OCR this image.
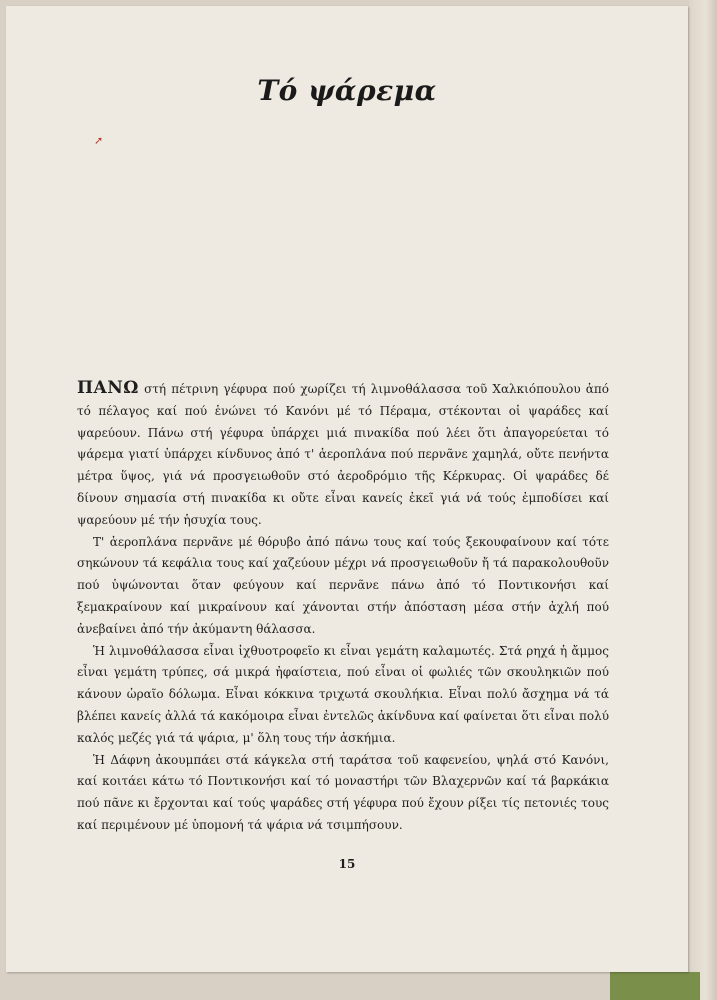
Τό ψάρεμα
➚

ΠΑΝΩ στή πέτρινη γέφυρα πού χωρίζει τή λιμνοθάλασσα τοῦ Χαλκιόπουλου ἀπό τό πέλαγος καί πού ἑνώνει τό Κανόνι μέ τό Πέραμα, στέκονται οἱ ψαράδες καί ψαρεύουν. Πάνω στή γέφυρα ὑπάρχει μιά πινακίδα πού λέει ὅτι ἀπαγορεύεται τό ψάρεμα γιατί ὑπάρχει κίνδυνος ἀπό τ' ἀεροπλάνα πού περνᾶνε χαμηλά, οὔτε πενήντα μέτρα ὕψος, γιά νά προσγειωθοῦν στό ἀεροδρόμιο τῆς Κέρκυρας. Οἱ ψαράδες δέ δίνουν σημασία στή πινακίδα κι οὔτε εἶναι κανείς ἐκεῖ γιά νά τούς ἐμποδίσει καί ψαρεύουν μέ τήν ἡσυχία τους.

Τ' ἀεροπλάνα περνᾶνε μέ θόρυβο ἀπό πάνω τους καί τούς ξεκουφαίνουν καί τότε σηκώνουν τά κεφάλια τους καί χαζεύουν μέχρι νά προσγειωθοῦν ἤ τά παρακολουθοῦν πού ὑψώνονται ὅταν φεύγουν καί περνᾶνε πάνω ἀπό τό Ποντικονήσι καί ξεμακραίνουν καί μικραίνουν καί χάνονται στήν ἀπόσταση μέσα στήν ἀχλή πού ἀνεβαίνει ἀπό τήν ἀκύμαντη θάλασσα.

Ἡ λιμνοθάλασσα εἶναι ἰχθυοτροφεῖο κι εἶναι γεμάτη καλαμωτές. Στά ρηχά ἡ ἄμμος εἶναι γεμάτη τρύπες, σά μικρά ἠφαίστεια, πού εἶναι οἱ φωλιές τῶν σκουληκιῶν πού κάνουν ὡραῖο δόλωμα. Εἶναι κόκκινα τριχωτά σκουλήκια. Εἶναι πολύ ἄσχημα νά τά βλέπει κανείς ἀλλά τά κακόμοιρα εἶναι ἐντελῶς ἀκίνδυνα καί φαίνεται ὅτι εἶναι πολύ καλός μεζές γιά τά ψάρια, μ' ὅλη τους τήν ἀσκήμια.

Ἡ Δάφνη ἀκουμπάει στά κάγκελα στή ταράτσα τοῦ καφενείου, ψηλά στό Κανόνι, καί κοιτάει κάτω τό Ποντικονήσι καί τό μοναστήρι τῶν Βλαχερνῶν καί τά βαρκάκια πού πᾶνε κι ἔρχονται καί τούς ψαράδες στή γέφυρα πού ἔχουν ρίξει τίς πετονιές τους καί περιμένουν μέ ὑπομονή τά ψάρια νά τσιμπήσουν.

15
